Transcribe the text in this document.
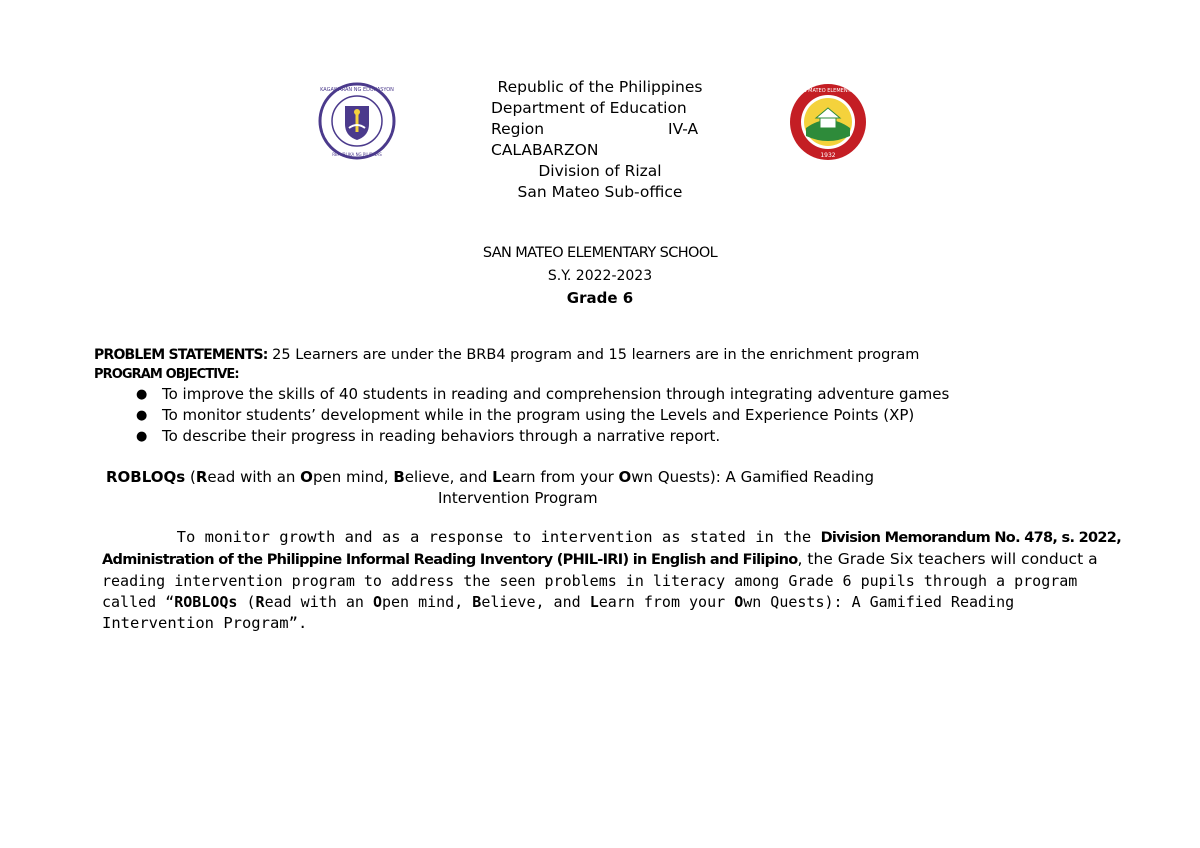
KAGAWARAN NG EDUKASYON
REPUBLIKA NG PILIPINAS
SAN MATEO ELEMENTARY
1932
Republic of the Philippines
Department of Education
Region	IV-A
CALABARZON
Division of Rizal
San Mateo Sub-office
SAN MATEO ELEMENTARY SCHOOL
S.Y. 2022-2023
Grade 6
PROBLEM STATEMENTS: 25 Learners are under the BRB4 program and 15 learners are in the enrichment program
PROGRAM OBJECTIVE:
● To improve the skills of 40 students in reading and comprehension through integrating adventure games
● To monitor students’ development while in the program using the Levels and Experience Points (XP)
● To describe their progress in reading behaviors through a narrative report.
ROBLOQs (Read with an Open mind, Believe, and Learn from your Own Quests): A Gamified Reading
Intervention Program
To monitor growth and as a response to intervention as stated in the Division Memorandum No. 478, s. 2022,
Administration of the Philippine Informal Reading Inventory (PHIL-IRI) in English and Filipino, the Grade Six teachers will conduct a
reading intervention program to address the seen problems in literacy among Grade 6 pupils through a program
called “ROBLOQs (Read with an Open mind, Believe, and Learn from your Own Quests): A Gamified Reading
Intervention Program”.
